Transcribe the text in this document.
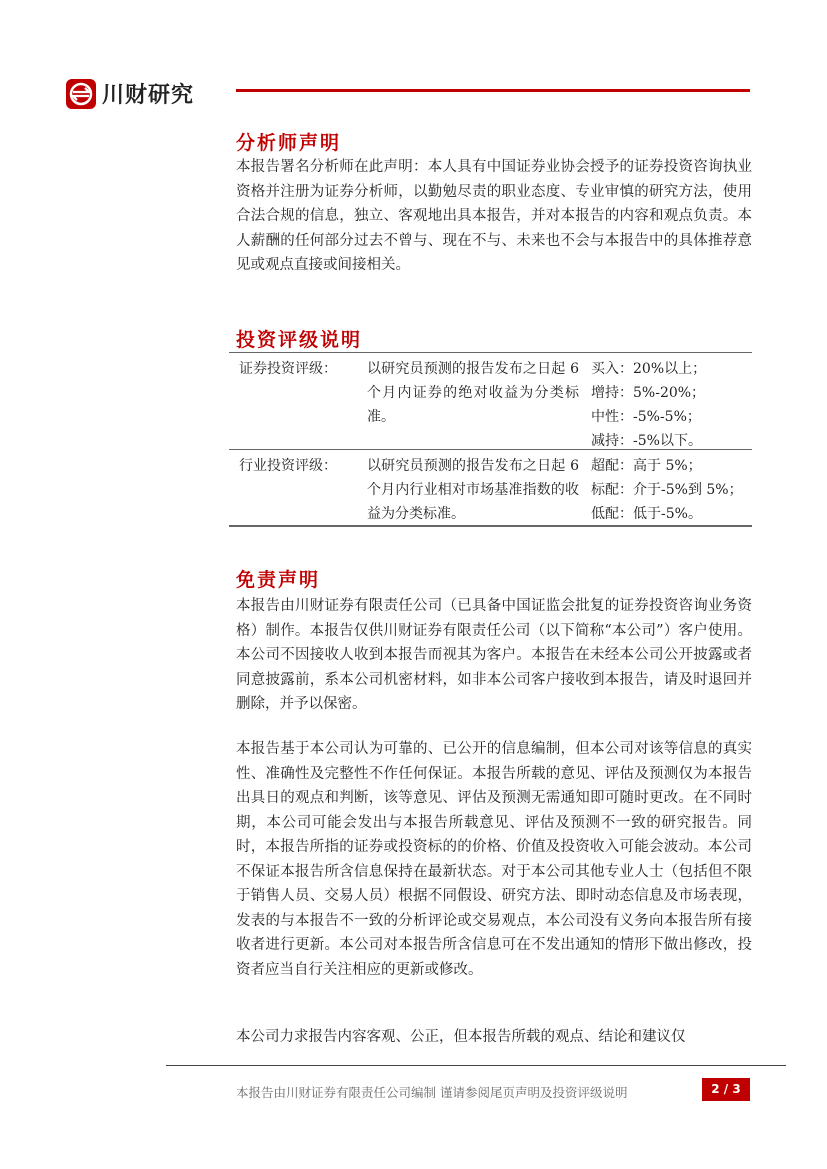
川财研究
分析师声明

本报告署名分析师在此声明：本人具有中国证券业协会授予的证券投资咨询执业资格并注册为证券分析师，以勤勉尽责的职业态度、专业审慎的研究方法，使用合法合规的信息，独立、客观地出具本报告，并对本报告的内容和观点负责。本人薪酬的任何部分过去不曾与、现在不与、未来也不会与本报告中的具体推荐意见或观点直接或间接相关。

投资评级说明
证券投资评级： 以研究员预测的报告发布之日起 6 个月内证券的绝对收益为分类标准。
买入：20%以上；
增持：5%-20%；
中性：-5%-5%；
减持：-5%以下。
行业投资评级： 以研究员预测的报告发布之日起 6 个月内行业相对市场基准指数的收益为分类标准。
超配：高于 5%；
标配：介于-5%到 5%；
低配：低于-5%。
免责声明

本报告由川财证券有限责任公司（已具备中国证监会批复的证券投资咨询业务资格）制作。本报告仅供川财证券有限责任公司（以下简称“本公司”）客户使用。本公司不因接收人收到本报告而视其为客户。本报告在未经本公司公开披露或者同意披露前，系本公司机密材料，如非本公司客户接收到本报告，请及时退回并删除，并予以保密。

本报告基于本公司认为可靠的、已公开的信息编制，但本公司对该等信息的真实性、准确性及完整性不作任何保证。本报告所载的意见、评估及预测仅为本报告出具日的观点和判断，该等意见、评估及预测无需通知即可随时更改。在不同时期，本公司可能会发出与本报告所载意见、评估及预测不一致的研究报告。同时，本报告所指的证券或投资标的的价格、价值及投资收入可能会波动。本公司不保证本报告所含信息保持在最新状态。对于本公司其他专业人士（包括但不限于销售人员、交易人员）根据不同假设、研究方法、即时动态信息及市场表现，发表的与本报告不一致的分析评论或交易观点，本公司没有义务向本报告所有接收者进行更新。本公司对本报告所含信息可在不发出通知的情形下做出修改，投资者应当自行关注相应的更新或修改。

本公司力求报告内容客观、公正，但本报告所载的观点、结论和建议仅

本报告由川财证券有限责任公司编制 谨请参阅尾页声明及投资评级说明	2 / 3
